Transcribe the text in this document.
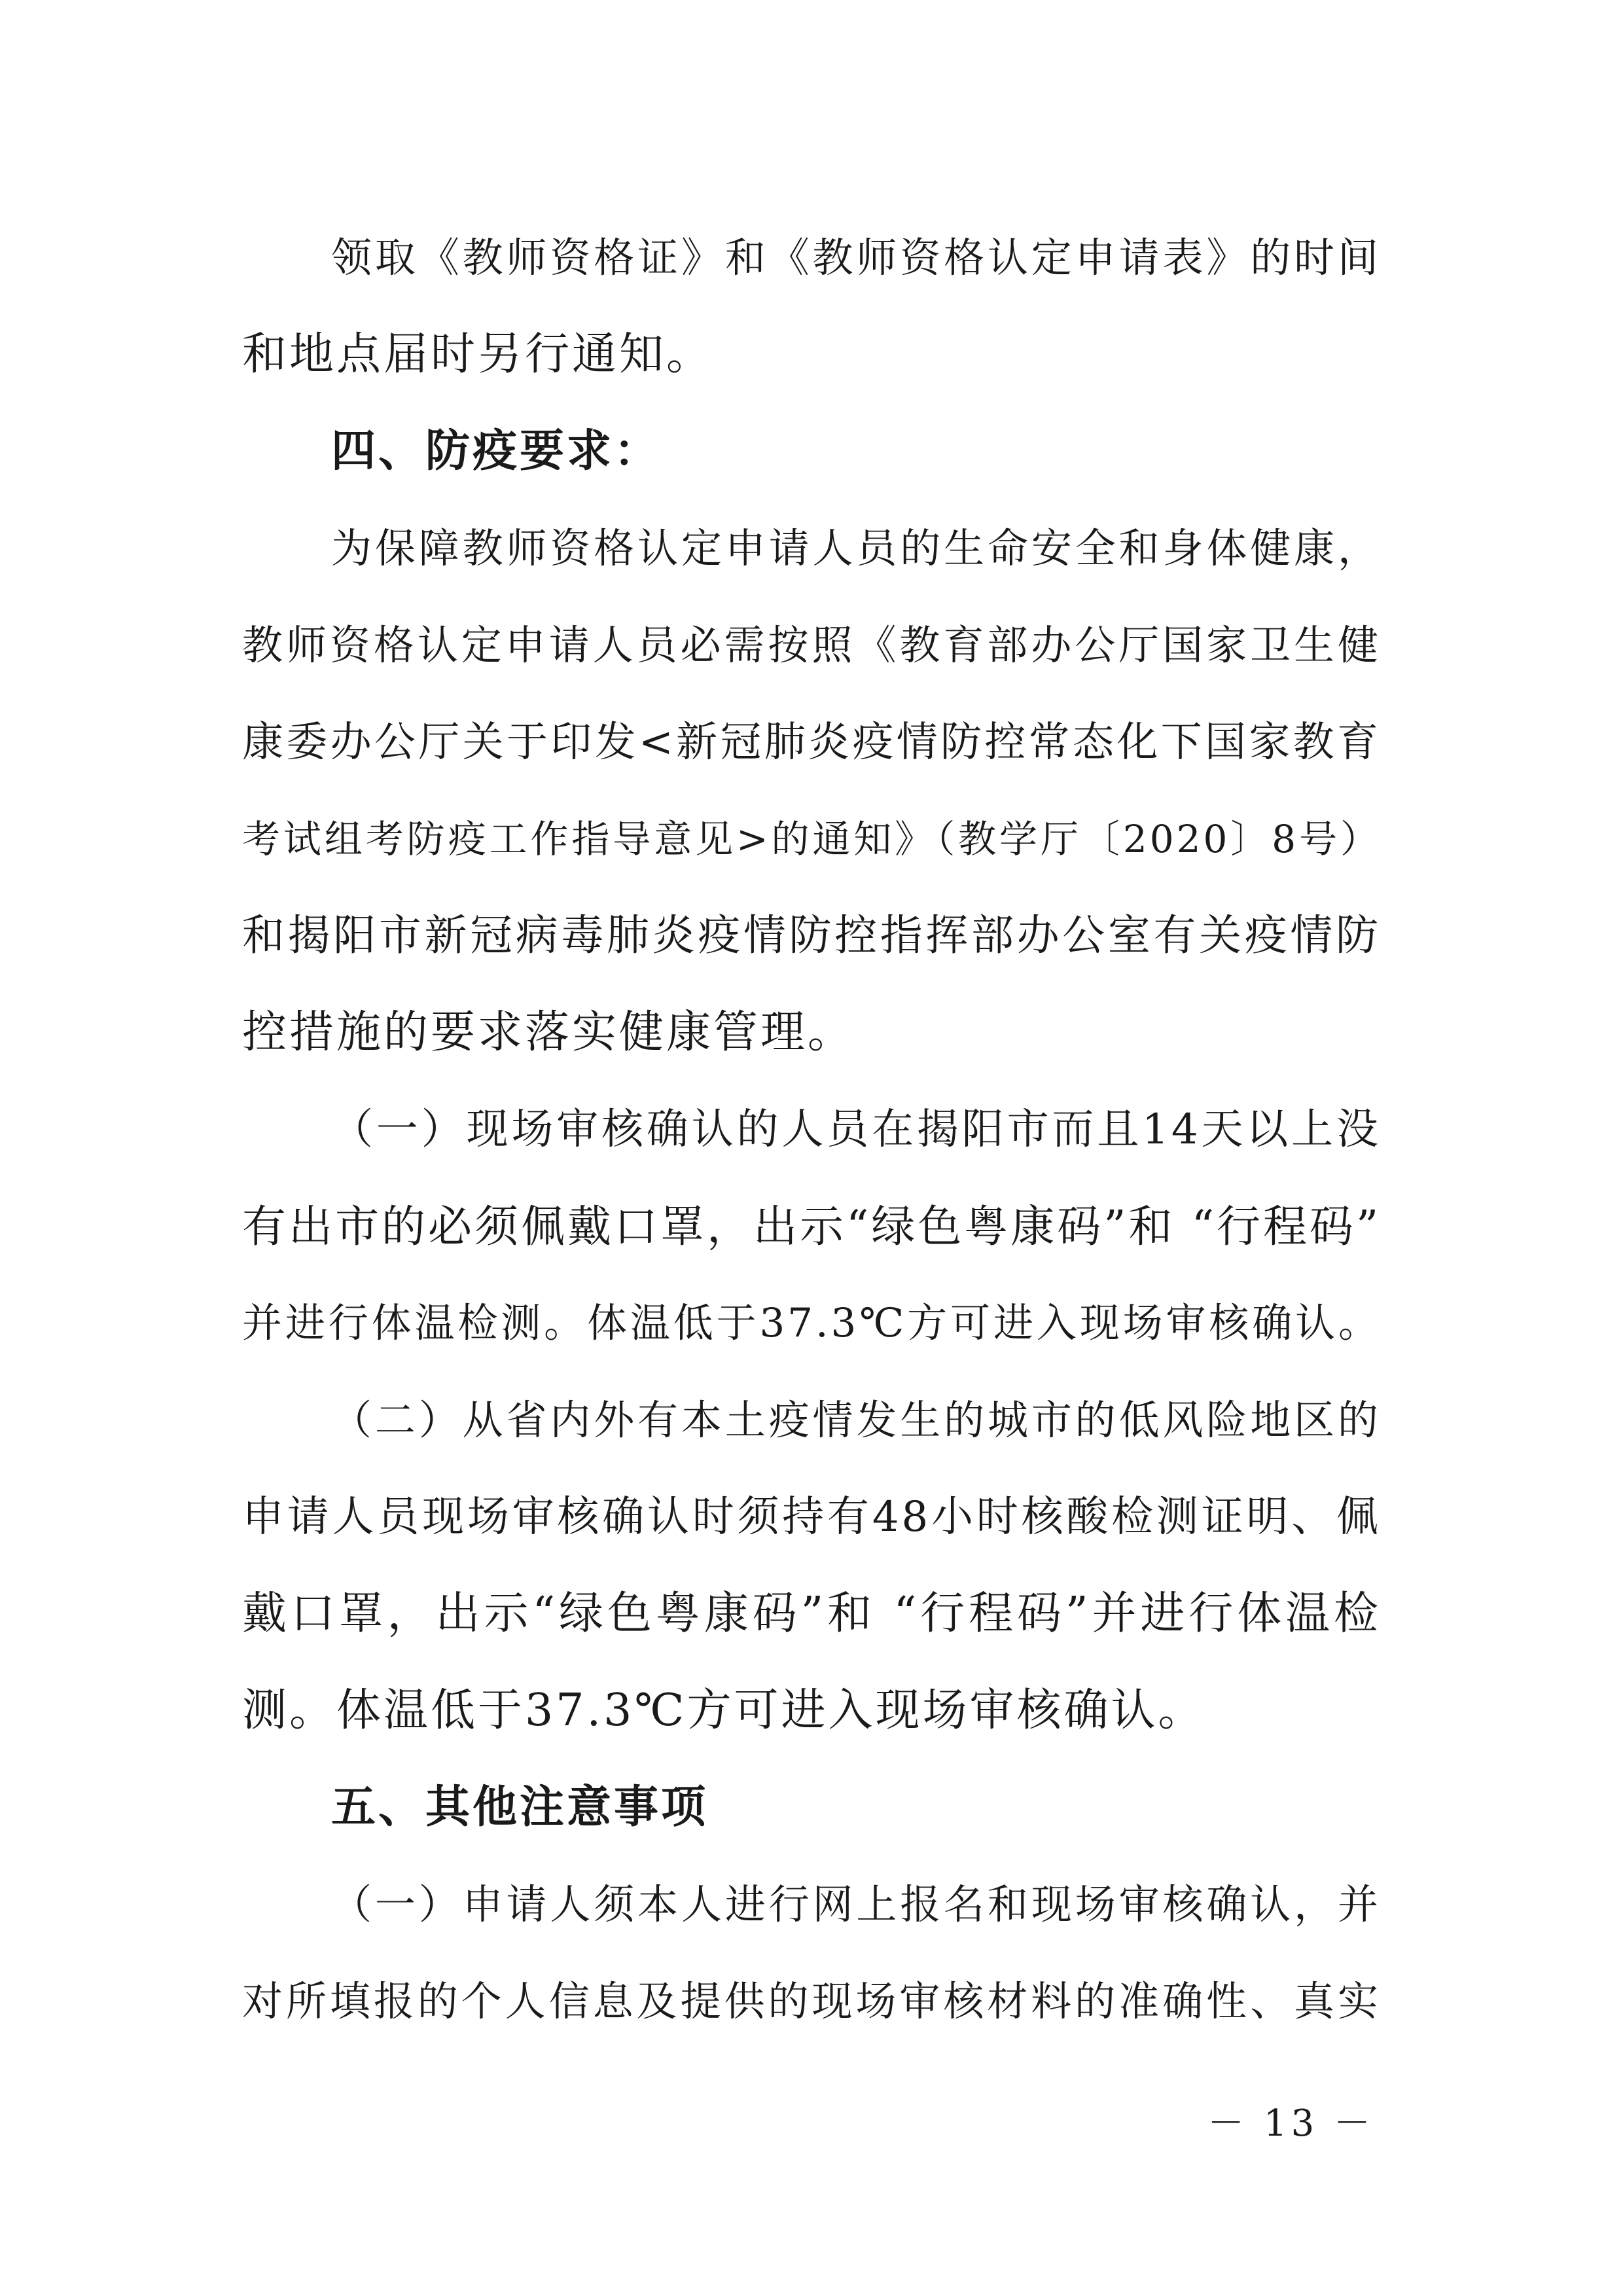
领取《教师资格证》和《教师资格认定申请表》的时间
和地点届时另行通知。
四、防疫要求：
为保障教师资格认定申请人员的生命安全和身体健康，
教师资格认定申请人员必需按照《教育部办公厅国家卫生健
康委办公厅关于印发<新冠肺炎疫情防控常态化下国家教育
考试组考防疫工作指导意见>的通知》（教学厅〔2020〕8号）
和揭阳市新冠病毒肺炎疫情防控指挥部办公室有关疫情防
控措施的要求落实健康管理。
（一）现场审核确认的人员在揭阳市而且14天以上没
有出市的必须佩戴口罩，出示“绿色粤康码”和 “行程码”
并进行体温检测。体温低于37.3℃方可进入现场审核确认。
（二）从省内外有本土疫情发生的城市的低风险地区的
申请人员现场审核确认时须持有48小时核酸检测证明、佩
戴口罩，出示“绿色粤康码”和 “行程码”并进行体温检
测。体温低于37.3℃方可进入现场审核确认。
五、其他注意事项
（一）申请人须本人进行网上报名和现场审核确认，并
对所填报的个人信息及提供的现场审核材料的准确性、真实
－ 13 －
